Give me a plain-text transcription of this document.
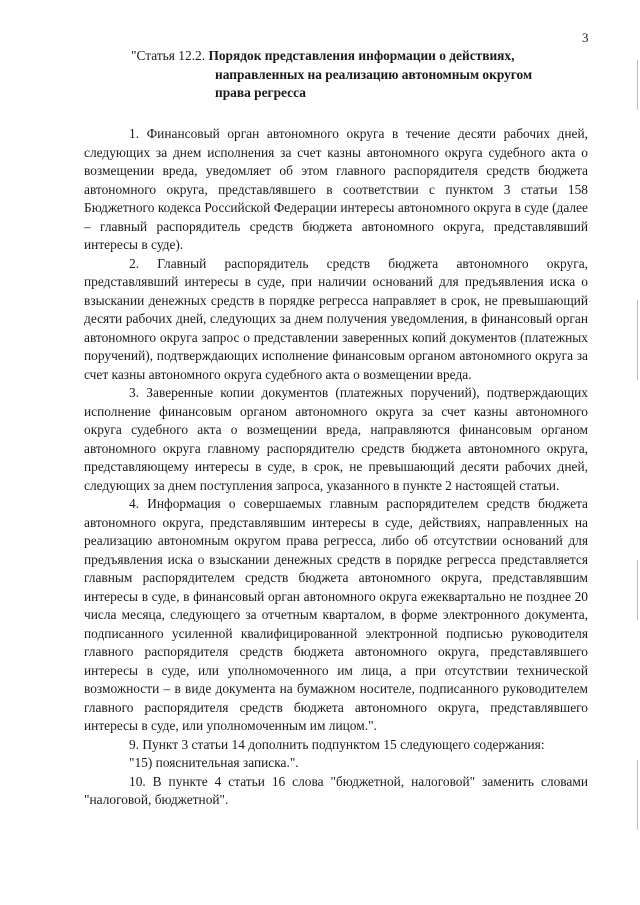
3
"Статья 12.2. Порядок представления информации о действиях,
направленных на реализацию автономным округом
права регресса

1. Финансовый орган автономного округа в течение десяти рабочих дней, следующих за днем исполнения за счет казны автономного округа судебного акта о возмещении вреда, уведомляет об этом главного распорядителя средств бюджета автономного округа, представлявшего в соответствии с пунктом 3 статьи 158 Бюджетного кодекса Российской Федерации интересы автономного округа в суде (далее – главный распорядитель средств бюджета автономного округа, представлявший интересы в суде).

2. Главный распорядитель средств бюджета автономного округа, представлявший интересы в суде, при наличии оснований для предъявления иска о взыскании денежных средств в порядке регресса направляет в срок, не превышающий десяти рабочих дней, следующих за днем получения уведомления, в финансовый орган автономного округа запрос о представлении заверенных копий документов (платежных поручений), подтверждающих исполнение финансовым органом автономного округа за счет казны автономного округа судебного акта о возмещении вреда.

3. Заверенные копии документов (платежных поручений), подтверждающих исполнение финансовым органом автономного округа за счет казны автономного округа судебного акта о возмещении вреда, направляются финансовым органом автономного округа главному распорядителю средств бюджета автономного округа, представляющему интересы в суде, в срок, не превышающий десяти рабочих дней, следующих за днем поступления запроса, указанного в пункте 2 настоящей статьи.

4. Информация о совершаемых главным распорядителем средств бюджета автономного округа, представлявшим интересы в суде, действиях, направленных на реализацию автономным округом права регресса, либо об отсутствии оснований для предъявления иска о взыскании денежных средств в порядке регресса представляется главным распорядителем средств бюджета автономного округа, представлявшим интересы в суде, в финансовый орган автономного округа ежеквартально не позднее 20 числа месяца, следующего за отчетным кварталом, в форме электронного документа, подписанного усиленной квалифицированной электронной подписью руководителя главного распорядителя средств бюджета автономного округа, представлявшего интересы в суде, или уполномоченного им лица, а при отсутствии технической возможности – в виде документа на бумажном носителе, подписанного руководителем главного распорядителя средств бюджета автономного округа, представлявшего интересы в суде, или уполномоченным им лицом.".

9. Пункт 3 статьи 14 дополнить подпунктом 15 следующего содержания:

"15) пояснительная записка.".

10. В пункте 4 статьи 16 слова "бюджетной, налоговой" заменить словами "налоговой, бюджетной".
